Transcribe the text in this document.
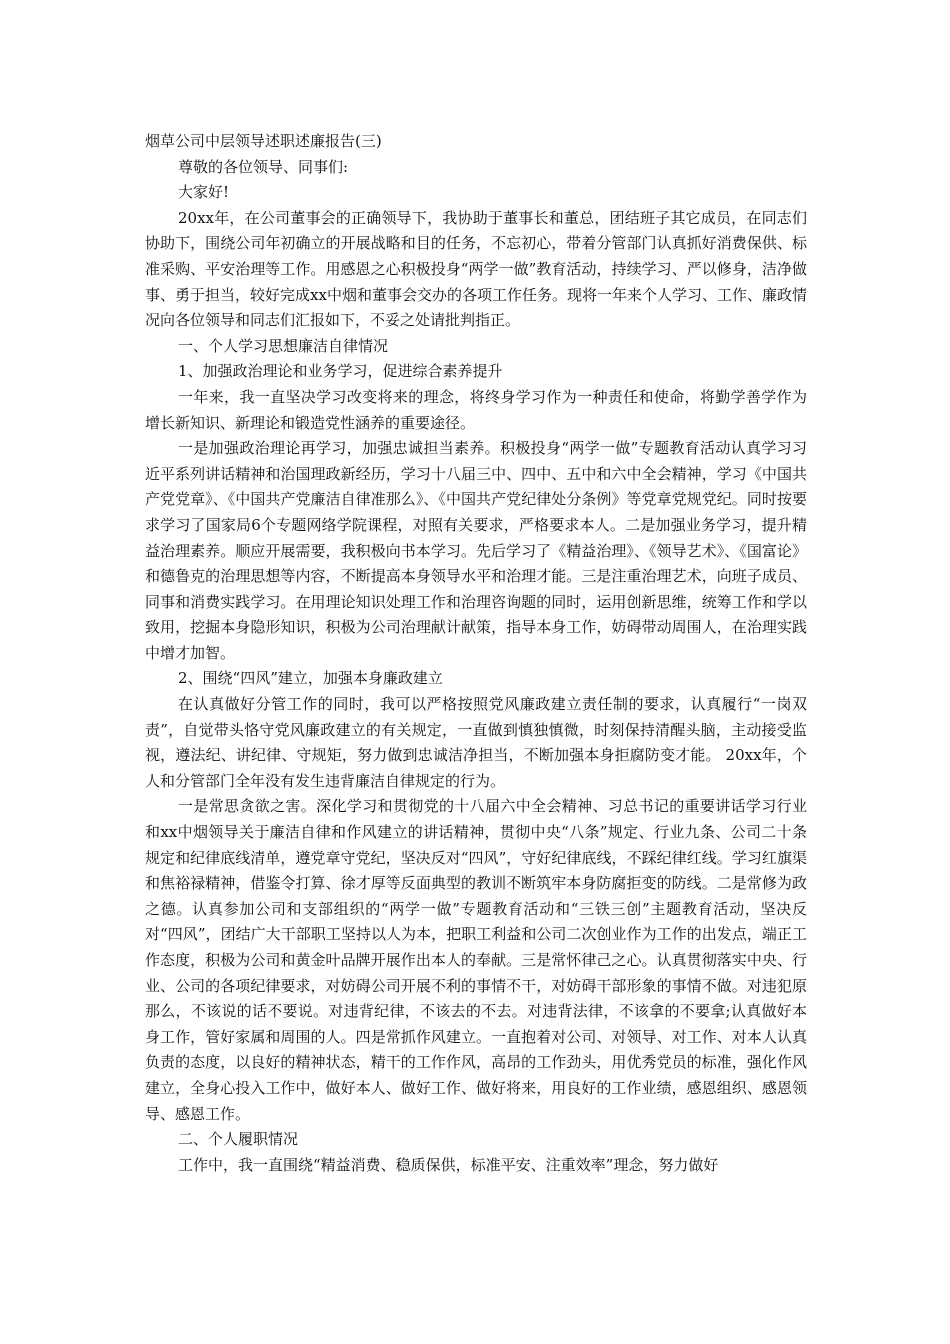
烟草公司中层领导述职述廉报告(三)

尊敬的各位领导、同事们:

大家好!

20xx年，在公司董事会的正确领导下，我协助于董事长和董总，团结班子其它成员，在同志们协助下，围绕公司年初确立的开展战略和目的任务，不忘初心，带着分管部门认真抓好消费保供、标准采购、平安治理等工作。用感恩之心积极投身“两学一做”教育活动，持续学习、严以修身，洁净做事、勇于担当，较好完成xx中烟和董事会交办的各项工作任务。现将一年来个人学习、工作、廉政情况向各位领导和同志们汇报如下，不妥之处请批判指正。

一、个人学习思想廉洁自律情况

1、加强政治理论和业务学习，促进综合素养提升

一年来，我一直坚决学习改变将来的理念，将终身学习作为一种责任和使命，将勤学善学作为增长新知识、新理论和锻造党性涵养的重要途径。

一是加强政治理论再学习，加强忠诚担当素养。积极投身“两学一做”专题教育活动认真学习习近平系列讲话精神和治国理政新经历，学习十八届三中、四中、五中和六中全会精神，学习《中国共产党党章》、《中国共产党廉洁自律准那么》、《中国共产党纪律处分条例》等党章党规党纪。同时按要求学习了国家局6个专题网络学院课程，对照有关要求，严格要求本人。二是加强业务学习，提升精益治理素养。顺应开展需要，我积极向书本学习。先后学习了《精益治理》、《领导艺术》、《国富论》和德鲁克的治理思想等内容，不断提高本身领导水平和治理才能。三是注重治理艺术，向班子成员、同事和消费实践学习。在用理论知识处理工作和治理咨询题的同时，运用创新思维，统筹工作和学以致用，挖掘本身隐形知识，积极为公司治理献计献策，指导本身工作，妨碍带动周围人，在治理实践中增才加智。

2、围绕“四风”建立，加强本身廉政建立

在认真做好分管工作的同时，我可以严格按照党风廉政建立责任制的要求，认真履行“一岗双责”，自觉带头恪守党风廉政建立的有关规定，一直做到慎独慎微，时刻保持清醒头脑，主动接受监视，遵法纪、讲纪律、守规矩，努力做到忠诚洁净担当，不断加强本身拒腐防变才能。 20xx年，个人和分管部门全年没有发生违背廉洁自律规定的行为。

一是常思贪欲之害。深化学习和贯彻党的十八届六中全会精神、习总书记的重要讲话学习行业和xx中烟领导关于廉洁自律和作风建立的讲话精神，贯彻中央“八条”规定、行业九条、公司二十条规定和纪律底线清单，遵党章守党纪，坚决反对“四风”，守好纪律底线，不踩纪律红线。学习红旗渠和焦裕禄精神，借鉴令打算、徐才厚等反面典型的教训不断筑牢本身防腐拒变的防线。二是常修为政之德。认真参加公司和支部组织的“两学一做”专题教育活动和“三铁三创”主题教育活动，坚决反对“四风”，团结广大干部职工坚持以人为本，把职工利益和公司二次创业作为工作的出发点，端正工作态度，积极为公司和黄金叶品牌开展作出本人的奉献。三是常怀律己之心。认真贯彻落实中央、行业、公司的各项纪律要求，对妨碍公司开展不利的事情不干，对妨碍干部形象的事情不做。对违犯原那么，不该说的话不要说。对违背纪律，不该去的不去。对违背法律，不该拿的不要拿;认真做好本身工作，管好家属和周围的人。四是常抓作风建立。一直抱着对公司、对领导、对工作、对本人认真负责的态度，以良好的精神状态，精干的工作作风，高昂的工作劲头，用优秀党员的标准，强化作风建立，全身心投入工作中，做好本人、做好工作、做好将来，用良好的工作业绩，感恩组织、感恩领导、感恩工作。

二、个人履职情况

工作中，我一直围绕“精益消费、稳质保供，标准平安、注重效率”理念，努力做好
